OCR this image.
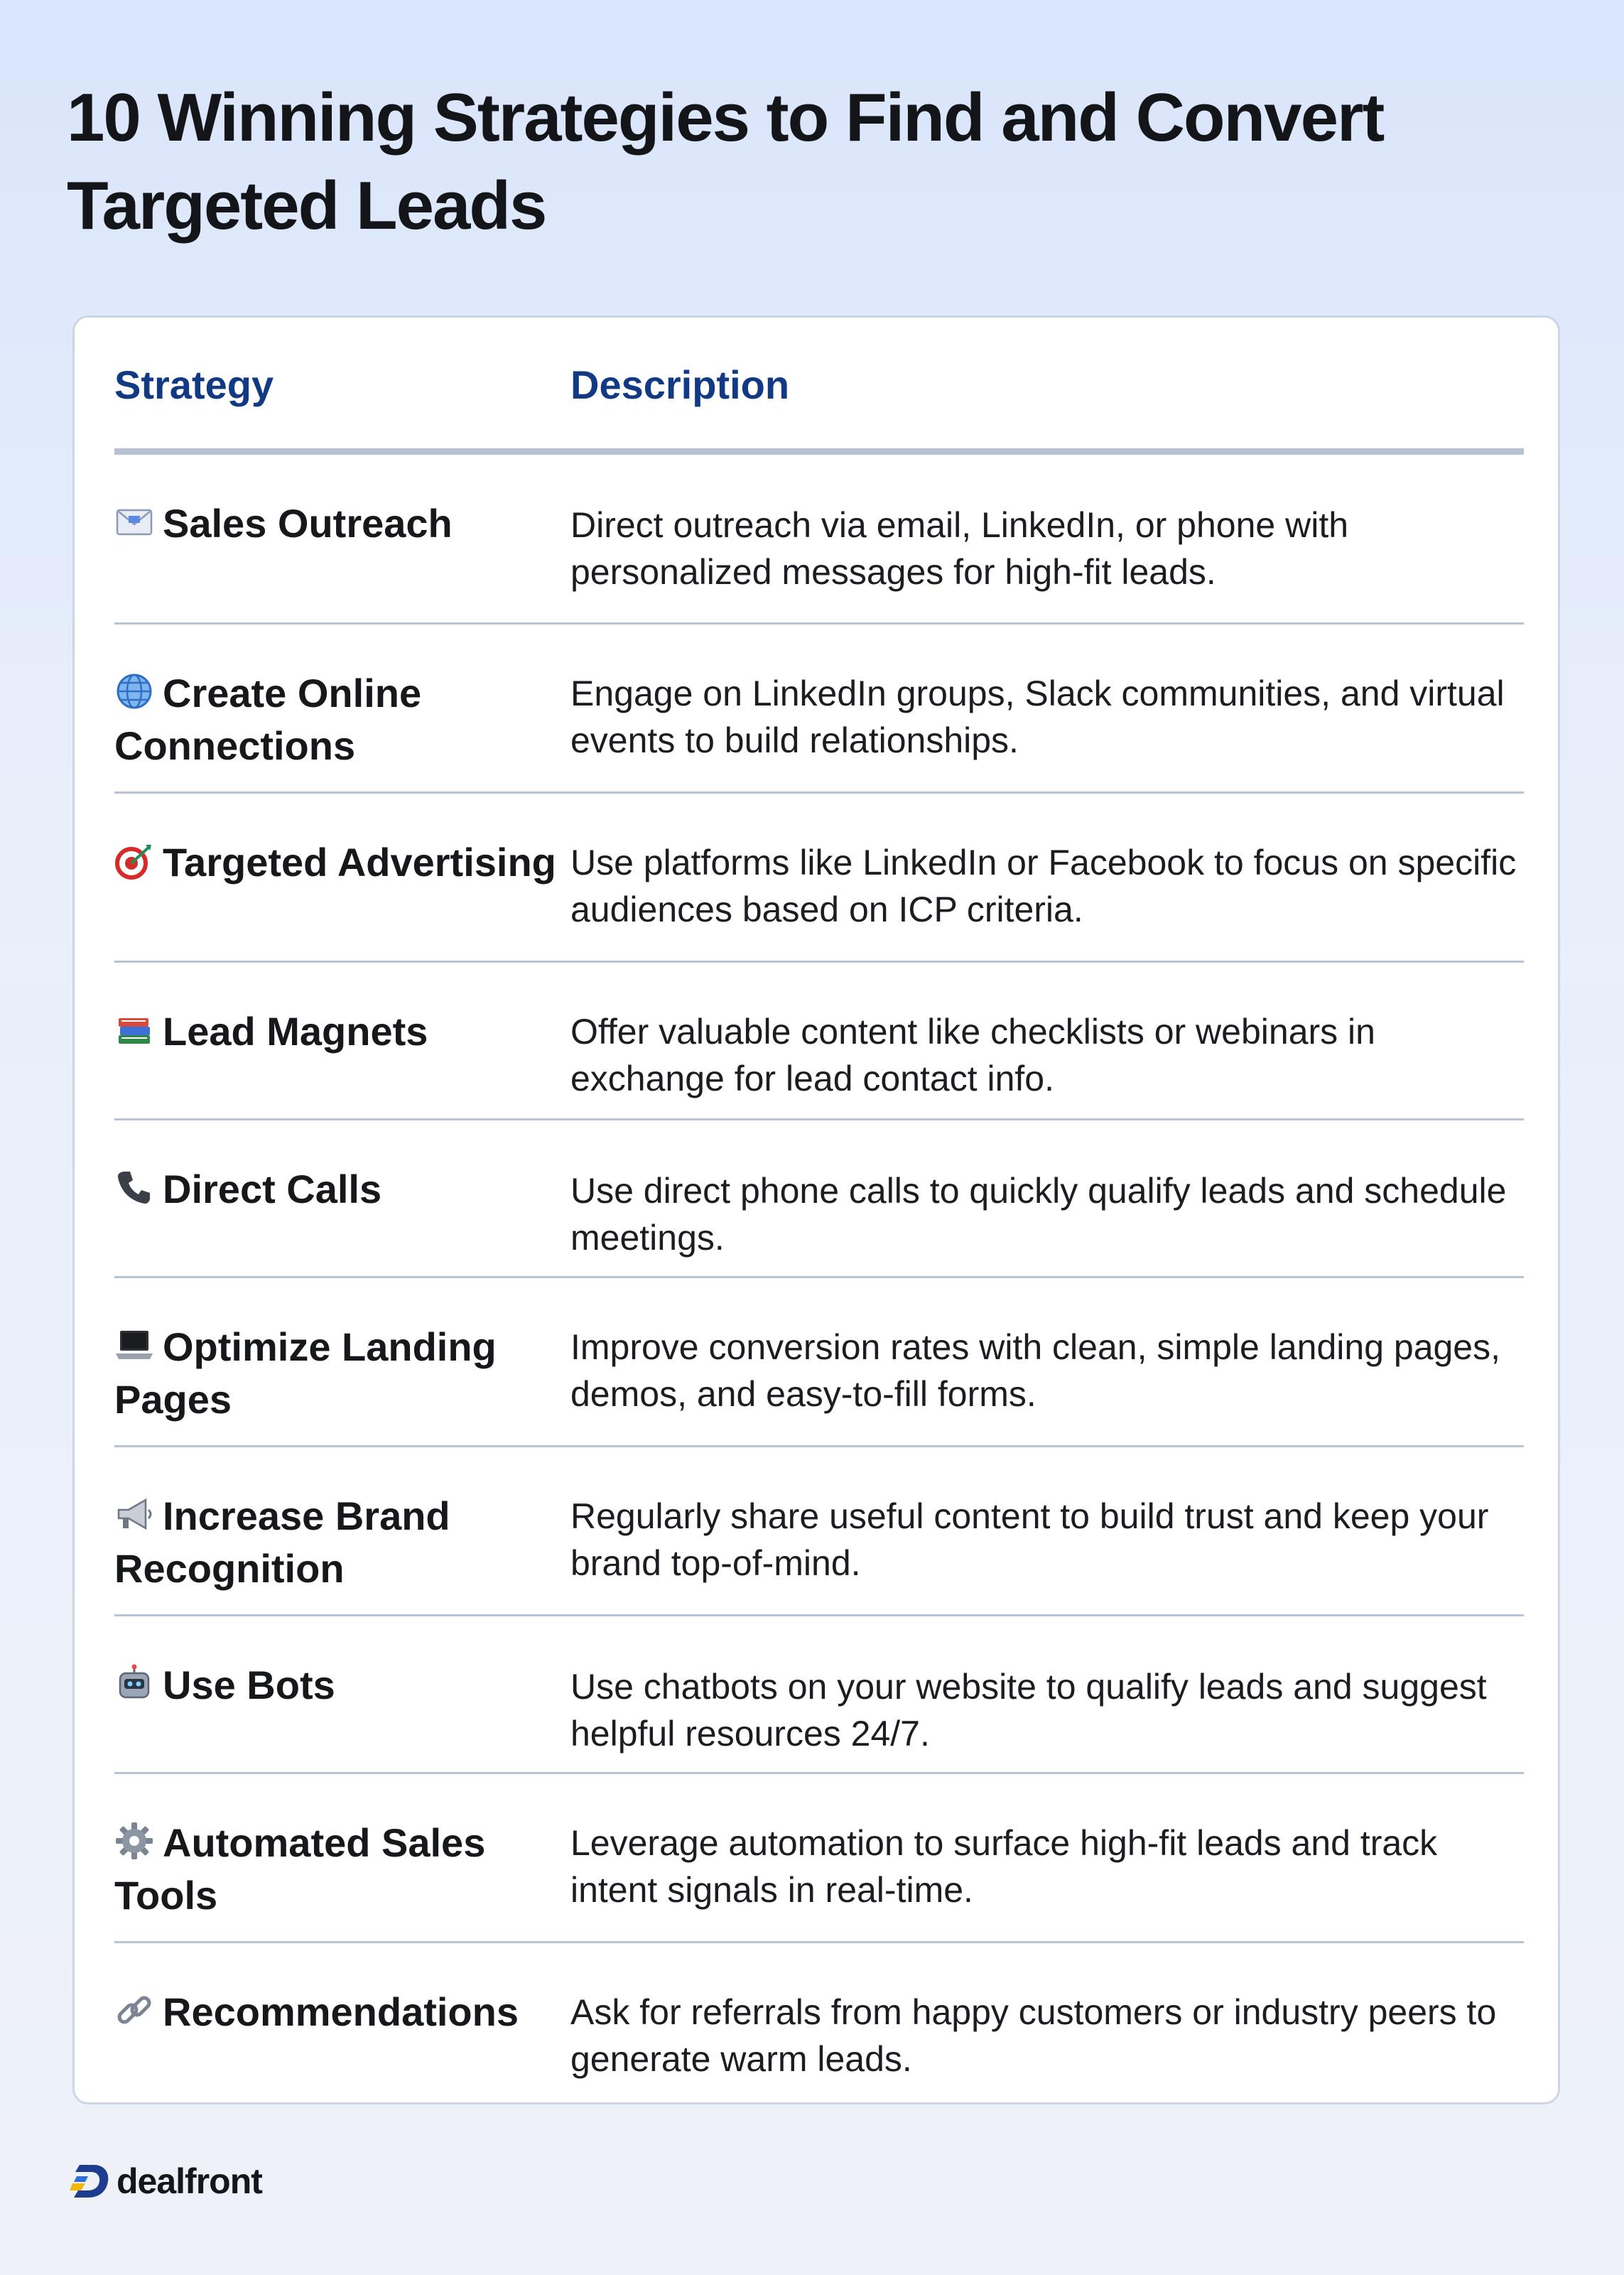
10 Winning Strategies to Find and Convert Targeted Leads
Strategy	Description
Sales Outreach	Direct outreach via email, LinkedIn, or phone with personalized messages for high-fit leads.
Create Online Connections	Engage on LinkedIn groups, Slack communities, and virtual events to build relationships.
Targeted Advertising	Use platforms like LinkedIn or Facebook to focus on specific audiences based on ICP criteria.
Lead Magnets	Offer valuable content like checklists or webinars in exchange for lead contact info.
Direct Calls	Use direct phone calls to quickly qualify leads and schedule meetings.
Optimize Landing Pages	Improve conversion rates with clean, simple landing pages, demos, and easy-to-fill forms.
Increase Brand Recognition	Regularly share useful content to build trust and keep your brand top-of-mind.
Use Bots	Use chatbots on your website to qualify leads and suggest helpful resources 24/7.
Automated Sales Tools	Leverage automation to surface high-fit leads and track intent signals in real-time.
Recommendations	Ask for referrals from happy customers or industry peers to generate warm leads.
dealfront
